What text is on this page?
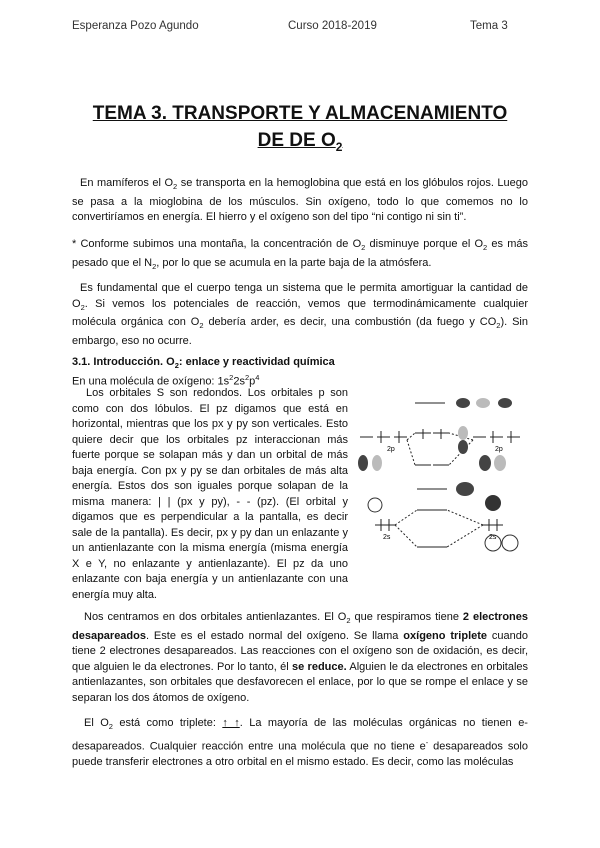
Esperanza Pozo Agundo	Curso 2018-2019	Tema 3
TEMA 3. TRANSPORTE Y ALMACENAMIENTO
DE DE $O_2$
En mamíferos el $O_2$ se transporta en la hemoglobina que está en los glóbulos rojos. Luego se pasa a la mioglobina de los músculos. Sin oxígeno, todo lo que comemos no lo convertiríamos en energía. El hierro y el oxígeno son del tipo “ni contigo ni sin ti”.
* Conforme subimos una montaña, la concentración de $O_2$ disminuye porque el $O_2$ es más pesado que el $N_2$, por lo que se acumula en la parte baja de la atmósfera.
Es fundamental que el cuerpo tenga un sistema que le permita amortiguar la cantidad de $O_2$. Si vemos los potenciales de reacción, vemos que termodinámicamente cualquier molécula orgánica con $O_2$ debería arder, es decir, una combustión (da fuego y $CO_2$). Sin embargo, eso no ocurre.
3.1. Introducción. $O_2$: enlace y reactividad química
En una molécula de oxígeno: $1s^22s^2p^4$
Los orbitales S son redondos. Los orbitales p son como con dos lóbulos. El pz digamos que está en horizontal, mientras que los px y py son verticales. Esto quiere decir que los orbitales pz interaccionan más fuerte porque se solapan más y dan un orbital de más baja energía. Con px y py se dan orbitales de más alta energía. Estos dos son iguales porque solapan de la misma manera: | | (px y py), - - (pz). (El orbital y digamos que es perpendicular a la pantalla, es decir sale de la pantalla). Es decir, px y py dan un enlazante y un antienlazante con la misma energía (misma energía X e Y, no enlazante y antienlazante). El pz da uno enlazante con baja energía y un antienlazante con una energía muy alta.
2p	2p
2s	2s
Nos centramos en dos orbitales antienlazantes. El $O_2$ que respiramos tiene 2 electrones desapareados. Este es el estado normal del oxígeno. Se llama oxígeno triplete cuando tiene 2 electrones desapareados. Las reacciones con el oxígeno son de oxidación, es decir, que alguien le da electrones. Por lo tanto, él se reduce. Alguien le da electrones en orbitales antienlazantes, son orbitales que desfavorecen el enlace, por lo que se rompe el enlace y se separan los dos átomos de oxígeno.
El $O_2$ está como triplete: ↑ ↑. La mayoría de las moléculas orgánicas no tienen e- desapareados. Cualquier reacción entre una molécula que no tiene e- desapareados solo puede transferir electrones a otro orbital en el mismo estado. Es decir, como las moléculas
